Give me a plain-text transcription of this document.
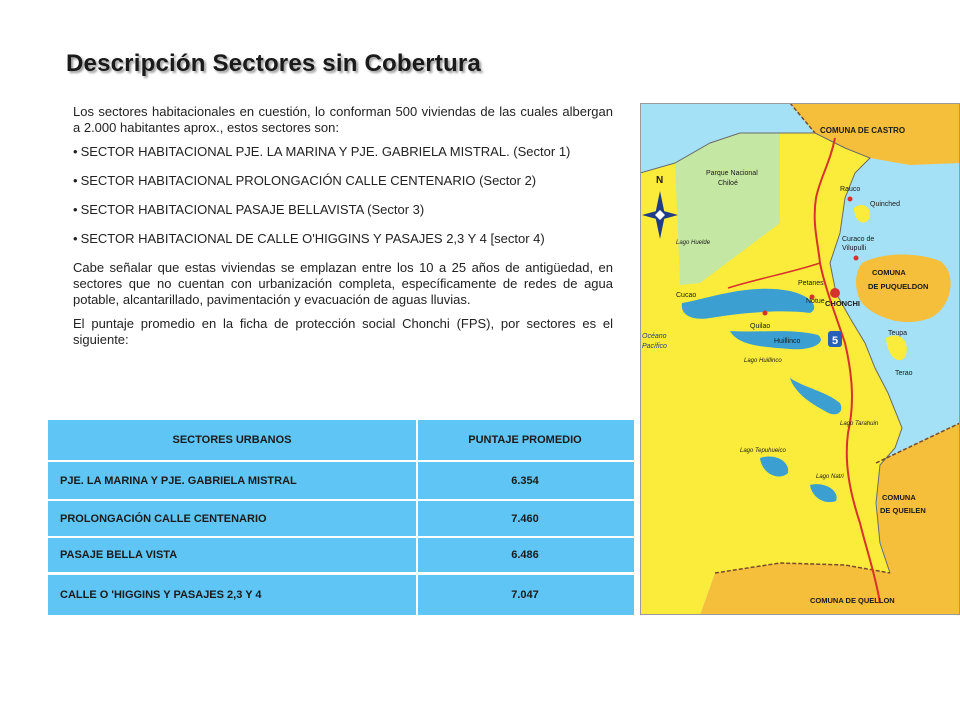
Descripción Sectores sin Cobertura

Los sectores habitacionales en cuestión, lo conforman 500 viviendas de las cuales albergan a 2.000 habitantes aprox., estos sectores son:

• SECTOR HABITACIONAL PJE. LA MARINA Y PJE. GABRIELA MISTRAL. (Sector 1)
• SECTOR HABITACIONAL PROLONGACIÓN CALLE CENTENARIO (Sector 2)
• SECTOR HABITACIONAL PASAJE BELLAVISTA (Sector 3)
• SECTOR HABITACIONAL DE CALLE O'HIGGINS Y PASAJES 2,3 Y 4 [sector 4)

Cabe señalar que estas viviendas se emplazan entre los 10 a 25 años de antigüedad, en sectores que no cuentan con urbanización completa, específicamente de redes de agua potable, alcantarillado, pavimentación y evacuación de aguas lluvias.

El puntaje promedio en la ficha de protección social Chonchi (FPS), por sectores es el siguiente:

SECTORES URBANOS	PUNTAJE PROMEDIO
PJE. LA MARINA Y PJE. GABRIELA MISTRAL	6.354
PROLONGACIÓN CALLE CENTENARIO	7.460
PASAJE BELLA VISTA	6.486
CALLE O 'HIGGINS Y PASAJES 2,3 Y 4	7.047
5
N
COMUNA DE CASTRO
Parque Nacional
Chiloé
Rauco
Quinched
Curaco de
Vilupulli
Lago Huelde
COMUNA
DE PUQUELDON
Cucao
Petanes
Notue CHONCHI
Océano
Pacífico
Quilao
Teupa
Huillinco
Lago Huillinco
Terao
Lago Tarahuin
Lago Tepuhueico
Lago Natri
COMUNA
DE QUEILEN
COMUNA DE QUELLON
